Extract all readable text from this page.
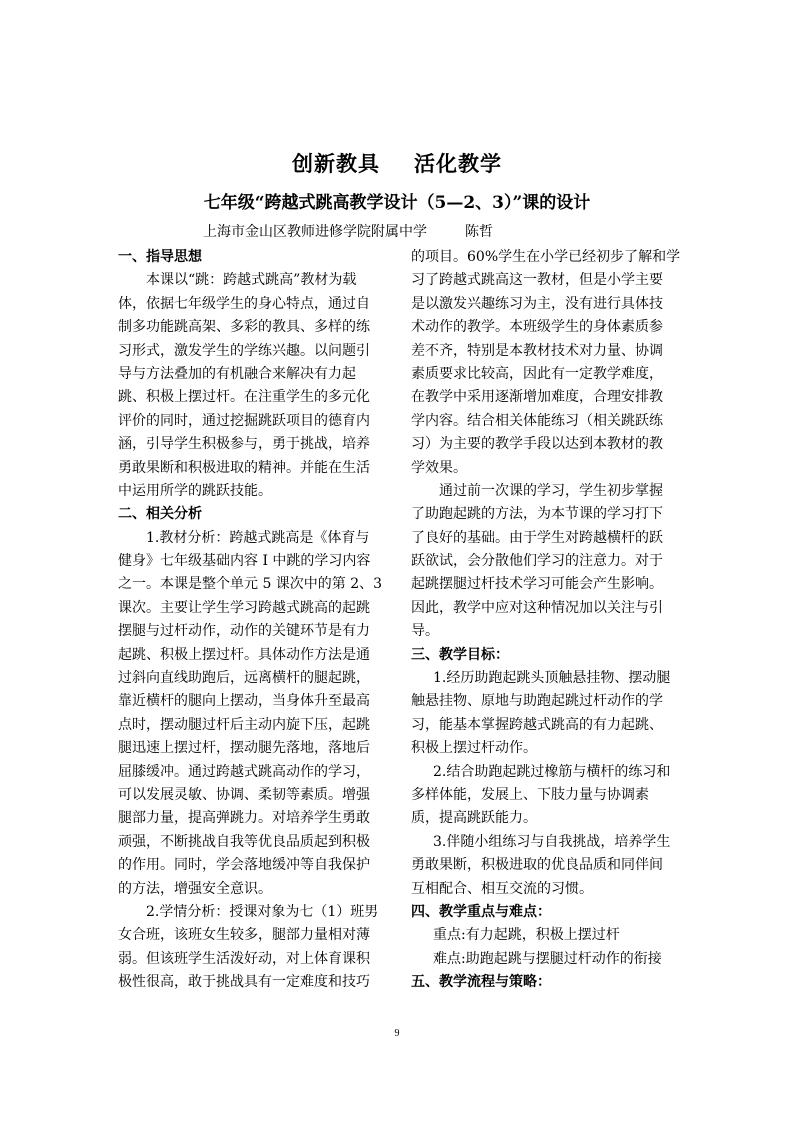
创新教具 活化教学
七年级“跨越式跳高教学设计（5—2、3）”课的设计
上海市金山区教师进修学院附属中学	陈哲
一、指导思想
本课以“跳：跨越式跳高”教材为载
体，依据七年级学生的身心特点，通过自
制多功能跳高架、多彩的教具、多样的练
习形式，激发学生的学练兴趣。以问题引
导与方法叠加的有机融合来解决有力起
跳、积极上摆过杆。在注重学生的多元化
评价的同时，通过挖掘跳跃项目的德育内
涵，引导学生积极参与，勇于挑战，培养
勇敢果断和积极进取的精神。并能在生活
中运用所学的跳跃技能。
二、相关分析
1.教材分析：跨越式跳高是《体育与
健身》七年级基础内容 I 中跳的学习内容
之一。本课是整个单元 5 课次中的第 2、3
课次。主要让学生学习跨越式跳高的起跳
摆腿与过杆动作，动作的关键环节是有力
起跳、积极上摆过杆。具体动作方法是通
过斜向直线助跑后，远离横杆的腿起跳，
靠近横杆的腿向上摆动，当身体升至最高
点时，摆动腿过杆后主动内旋下压，起跳
腿迅速上摆过杆，摆动腿先落地，落地后
屈膝缓冲。通过跨越式跳高动作的学习，
可以发展灵敏、协调、柔韧等素质。增强
腿部力量，提高弹跳力。对培养学生勇敢
顽强，不断挑战自我等优良品质起到积极
的作用。同时，学会落地缓冲等自我保护
的方法，增强安全意识。
2.学情分析：授课对象为七（1）班男
女合班，该班女生较多，腿部力量相对薄
弱。但该班学生活泼好动，对上体育课积
极性很高，敢于挑战具有一定难度和技巧
的项目。60%学生在小学已经初步了解和学
习了跨越式跳高这一教材，但是小学主要
是以激发兴趣练习为主，没有进行具体技
术动作的教学。本班级学生的身体素质参
差不齐，特别是本教材技术对力量、协调
素质要求比较高，因此有一定教学难度，
在教学中采用逐渐增加难度，合理安排教
学内容。结合相关体能练习（相关跳跃练
习）为主要的教学手段以达到本教材的教
学效果。
通过前一次课的学习，学生初步掌握
了助跑起跳的方法，为本节课的学习打下
了良好的基础。由于学生对跨越横杆的跃
跃欲试，会分散他们学习的注意力。对于
起跳摆腿过杆技术学习可能会产生影响。
因此，教学中应对这种情况加以关注与引
导。
三、教学目标：
1.经历助跑起跳头顶触悬挂物、摆动腿
触悬挂物、原地与助跑起跳过杆动作的学
习，能基本掌握跨越式跳高的有力起跳、
积极上摆过杆动作。
2.结合助跑起跳过橡筋与横杆的练习和
多样体能，发展上、下肢力量与协调素
质，提高跳跃能力。
3.伴随小组练习与自我挑战，培养学生
勇敢果断，积极进取的优良品质和同伴间
互相配合、相互交流的习惯。
四、教学重点与难点：
重点:有力起跳，积极上摆过杆
难点:助跑起跳与摆腿过杆动作的衔接
五、教学流程与策略：
9
